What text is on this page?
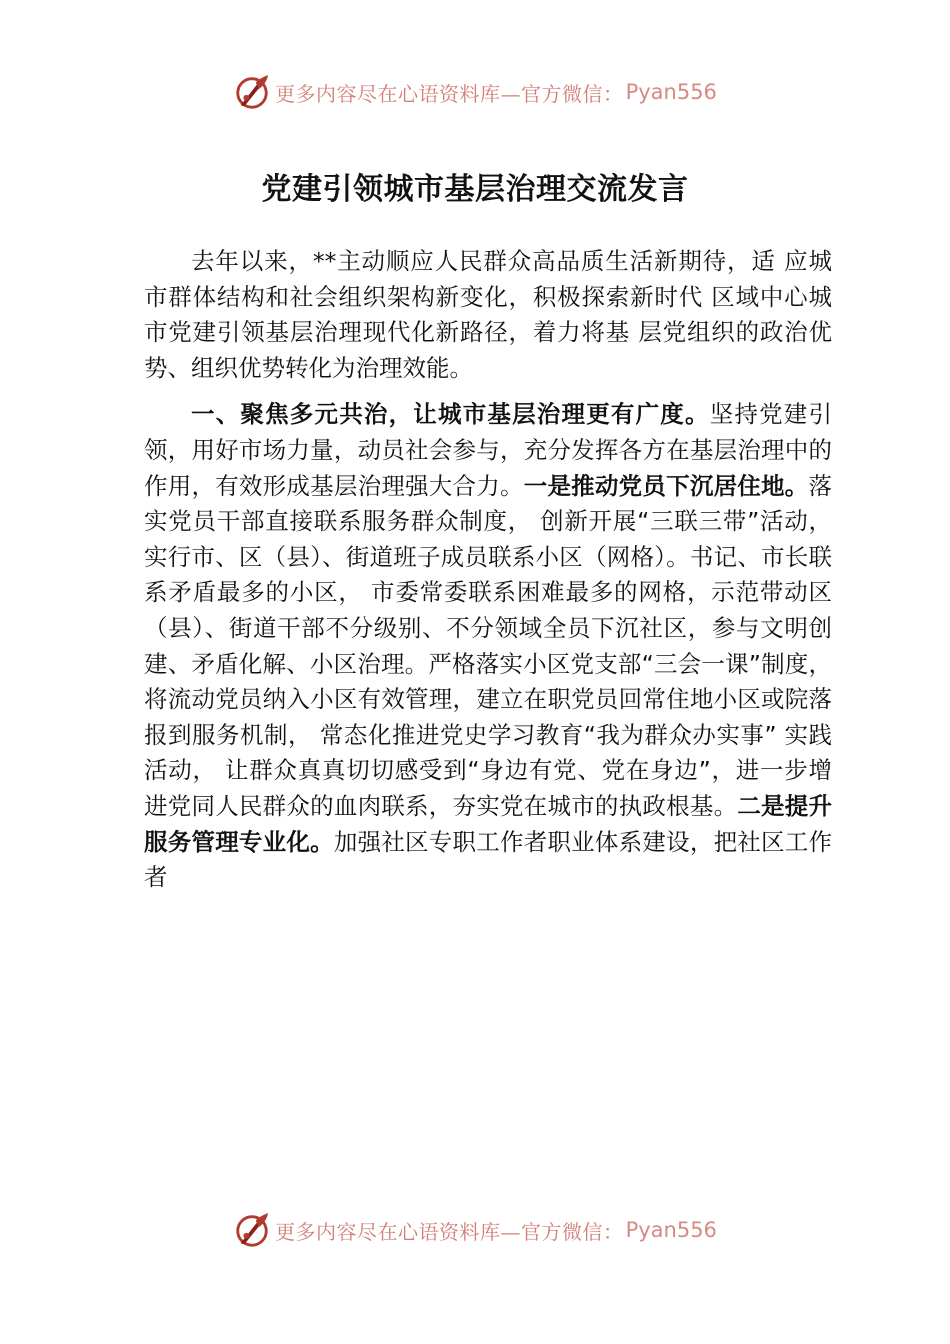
更多内容尽在心语资料库—官方微信： Pyan556
党建引领城市基层治理交流发言

去年以来，**主动顺应人民群众高品质生活新期待，适 应城市群体结构和社会组织架构新变化，积极探索新时代 区域中心城市党建引领基层治理现代化新路径，着力将基 层党组织的政治优势、组织优势转化为治理效能。

一、聚焦多元共治，让城市基层治理更有广度。坚持党建引领，用好市场力量，动员社会参与，充分发挥各方在基层治理中的作用，有效形成基层治理强大合力。一是推动党员下沉居住地。落实党员干部直接联系服务群众制度， 创新开展“三联三带”活动，实行市、区（县）、街道班子成员联系小区（网格）。书记、市长联系矛盾最多的小区， 市委常委联系困难最多的网格，示范带动区（县）、街道干部不分级别、不分领域全员下沉社区，参与文明创建、矛盾化解、小区治理。严格落实小区党支部“三会一课”制度，将流动党员纳入小区有效管理，建立在职党员回常住地小区或院落报到服务机制， 常态化推进党史学习教育“我为群众办实事” 实践活动， 让群众真真切切感受到“身边有党、党在身边”，进一步增进党同人民群众的血肉联系，夯实党在城市的执政根基。二是提升服务管理专业化。加强社区专职工作者职业体系建设，把社区工作者

更多内容尽在心语资料库—官方微信： Pyan556
